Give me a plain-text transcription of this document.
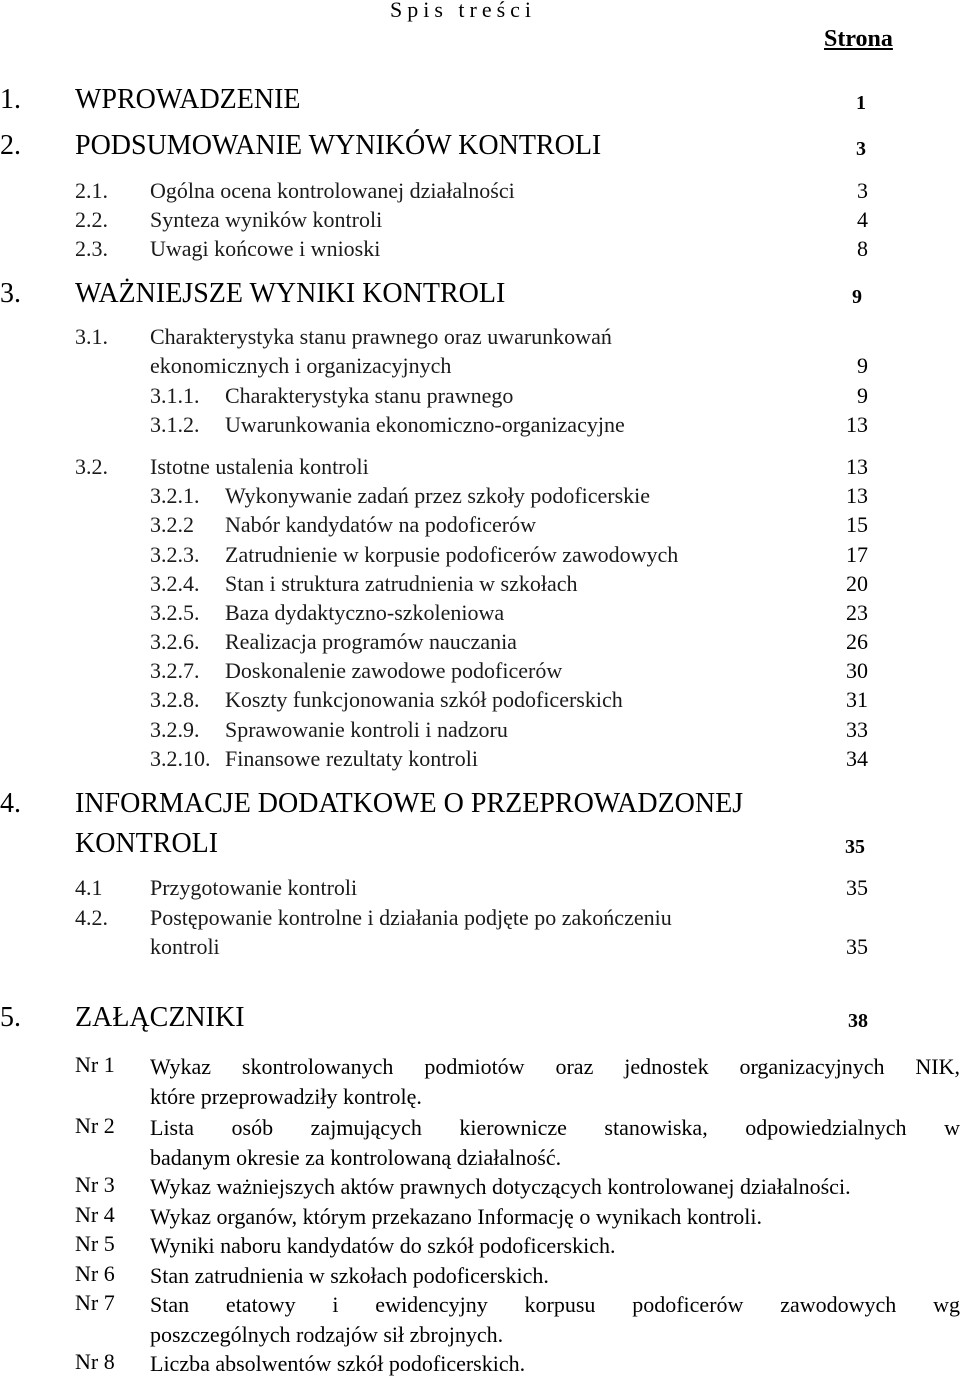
Spis treści
Strona
1. WPROWADZENIE	1
2. PODSUMOWANIE WYNIKÓW KONTROLI	3
2.1. Ogólna ocena kontrolowanej działalności	3
2.2. Synteza wyników kontroli	4
2.3. Uwagi końcowe i wnioski	8
3. WAŻNIEJSZE WYNIKI KONTROLI	9
3.1. Charakterystyka stanu prawnego oraz uwarunkowań
ekonomicznych i organizacyjnych	9
3.1.1. Charakterystyka stanu prawnego	9
3.1.2. Uwarunkowania ekonomiczno-organizacyjne	13
3.2. Istotne ustalenia kontroli	13
3.2.1. Wykonywanie zadań przez szkoły podoficerskie	13
3.2.2 Nabór kandydatów na podoficerów	15
3.2.3. Zatrudnienie w korpusie podoficerów zawodowych	17
3.2.4. Stan i struktura zatrudnienia w szkołach	20
3.2.5. Baza dydaktyczno-szkoleniowa	23
3.2.6. Realizacja programów nauczania	26
3.2.7. Doskonalenie zawodowe podoficerów	30
3.2.8. Koszty funkcjonowania szkół podoficerskich	31
3.2.9. Sprawowanie kontroli i nadzoru	33
3.2.10. Finansowe rezultaty kontroli	34
4. INFORMACJE DODATKOWE O PRZEPROWADZONEJ
KONTROLI	35
4.1 Przygotowanie kontroli	35
4.2. Postępowanie kontrolne i działania podjęte po zakończeniu
kontroli	35
5. ZAŁĄCZNIKI	38
Nr 1 Wykaz skontrolowanych podmiotów oraz jednostek organizacyjnych NIK,
które przeprowadziły kontrolę.
Nr 2 Lista osób zajmujących kierownicze stanowiska, odpowiedzialnych w
badanym okresie za kontrolowaną działalność.
Nr 3 Wykaz ważniejszych aktów prawnych dotyczących kontrolowanej działalności.
Nr 4 Wykaz organów, którym przekazano Informację o wynikach kontroli.
Nr 5 Wyniki naboru kandydatów do szkół podoficerskich.
Nr 6 Stan zatrudnienia w szkołach podoficerskich.
Nr 7 Stan etatowy i ewidencyjny korpusu podoficerów zawodowych wg
poszczególnych rodzajów sił zbrojnych.
Nr 8 Liczba absolwentów szkół podoficerskich.
